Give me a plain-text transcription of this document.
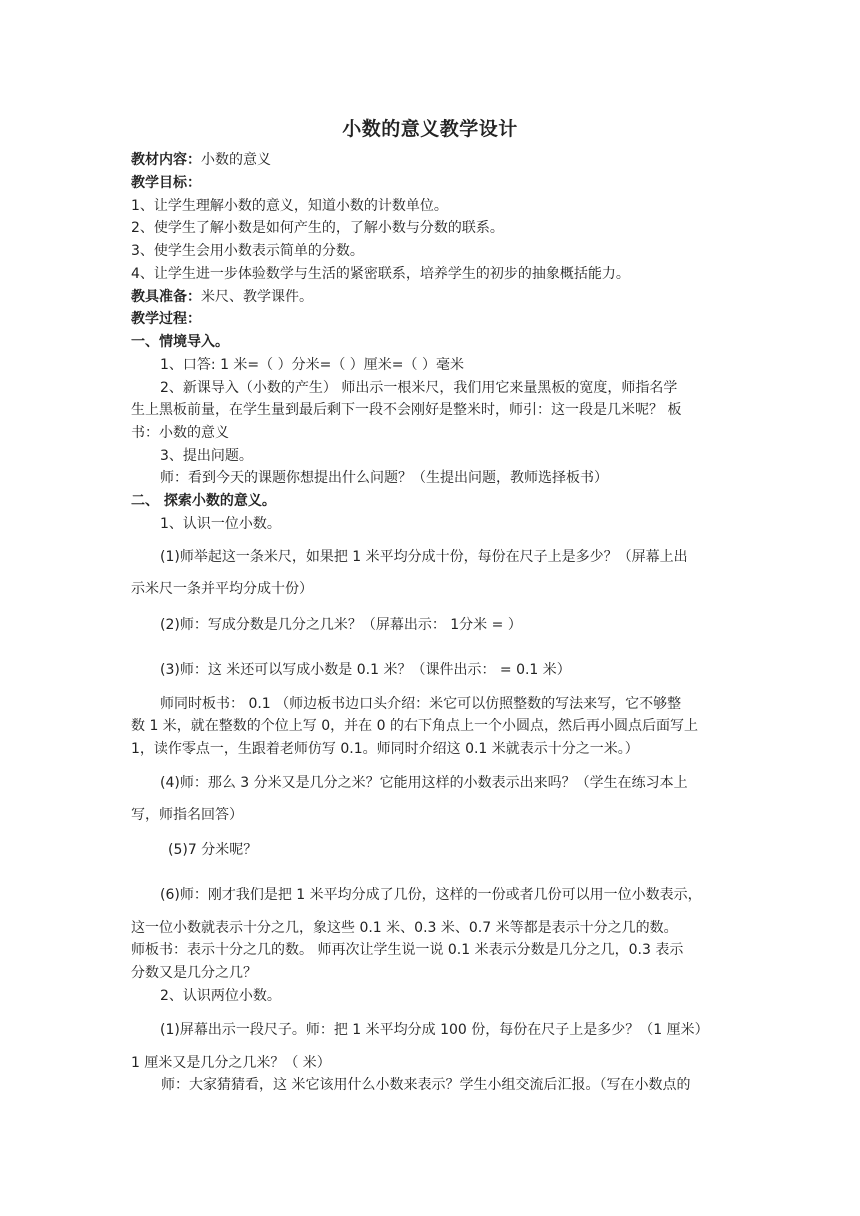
小数的意义教学设计
教材内容：小数的意义
教学目标：
1、让学生理解小数的意义，知道小数的计数单位。
2、使学生了解小数是如何产生的，了解小数与分数的联系。
3、使学生会用小数表示简单的分数。
4、让学生进一步体验数学与生活的紧密联系，培养学生的初步的抽象概括能力。
教具准备：米尺、教学课件。
教学过程：
一、情境导入。
1、口答: 1 米=（ ）分米=（ ）厘米=（ ）毫米
2、新课导入（小数的产生） 师出示一根米尺，我们用它来量黑板的宽度，师指名学
生上黑板前量，在学生量到最后剩下一段不会刚好是整米时，师引：这一段是几米呢？ 板
书：小数的意义
3、提出问题。
师：看到今天的课题你想提出什么问题？（生提出问题，教师选择板书）
二、 探索小数的意义。
1、认识一位小数。
(1)师举起这一条米尺，如果把 1 米平均分成十份，每份在尺子上是多少？（屏幕上出
示米尺一条并平均分成十份）
(2)师：写成分数是几分之几米？（屏幕出示： 1分米 = ）
(3)师：这 米还可以写成小数是 0.1 米？（课件出示： = 0.1 米）
师同时板书： 0.1 （师边板书边口头介绍：米它可以仿照整数的写法来写，它不够整
数 1 米，就在整数的个位上写 0，并在 0 的右下角点上一个小圆点，然后再小圆点后面写上
1，读作零点一，生跟着老师仿写 0.1。师同时介绍这 0.1 米就表示十分之一米。）
(4)师：那么 3 分米又是几分之米？它能用这样的小数表示出来吗？（学生在练习本上
写，师指名回答）
(5)7 分米呢？
(6)师：刚才我们是把 1 米平均分成了几份，这样的一份或者几份可以用一位小数表示，
这一位小数就表示十分之几，象这些 0.1 米、0.3 米、0.7 米等都是表示十分之几的数。
师板书：表示十分之几的数。 师再次让学生说一说 0.1 米表示分数是几分之几，0.3 表示
分数又是几分之几？
2、认识两位小数。
(1)屏幕出示一段尺子。师：把 1 米平均分成 100 份，每份在尺子上是多少？（1 厘米）
1 厘米又是几分之几米？（ 米）
师：大家猜猜看，这 米它该用什么小数来表示？学生小组交流后汇报。（写在小数点的
